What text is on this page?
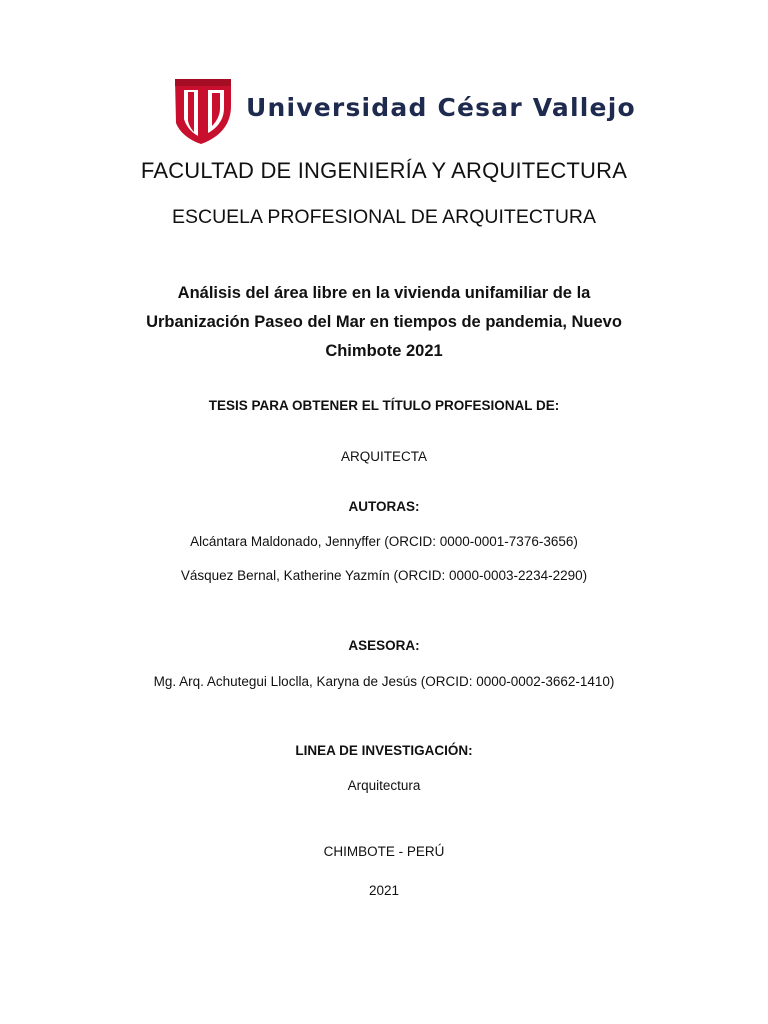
Universidad César Vallejo
FACULTAD DE INGENIERÍA Y ARQUITECTURA
ESCUELA PROFESIONAL DE ARQUITECTURA
Análisis del área libre en la vivienda unifamiliar de la
Urbanización Paseo del Mar en tiempos de pandemia, Nuevo
Chimbote 2021
TESIS PARA OBTENER EL TÍTULO PROFESIONAL DE:
ARQUITECTA
AUTORAS:
Alcántara Maldonado, Jennyffer (ORCID: 0000-0001-7376-3656)
Vásquez Bernal, Katherine Yazmín (ORCID: 0000-0003-2234-2290)
ASESORA:
Mg. Arq. Achutegui Lloclla, Karyna de Jesús (ORCID: 0000-0002-3662-1410)
LINEA DE INVESTIGACIÓN:
Arquitectura
CHIMBOTE - PERÚ
2021
